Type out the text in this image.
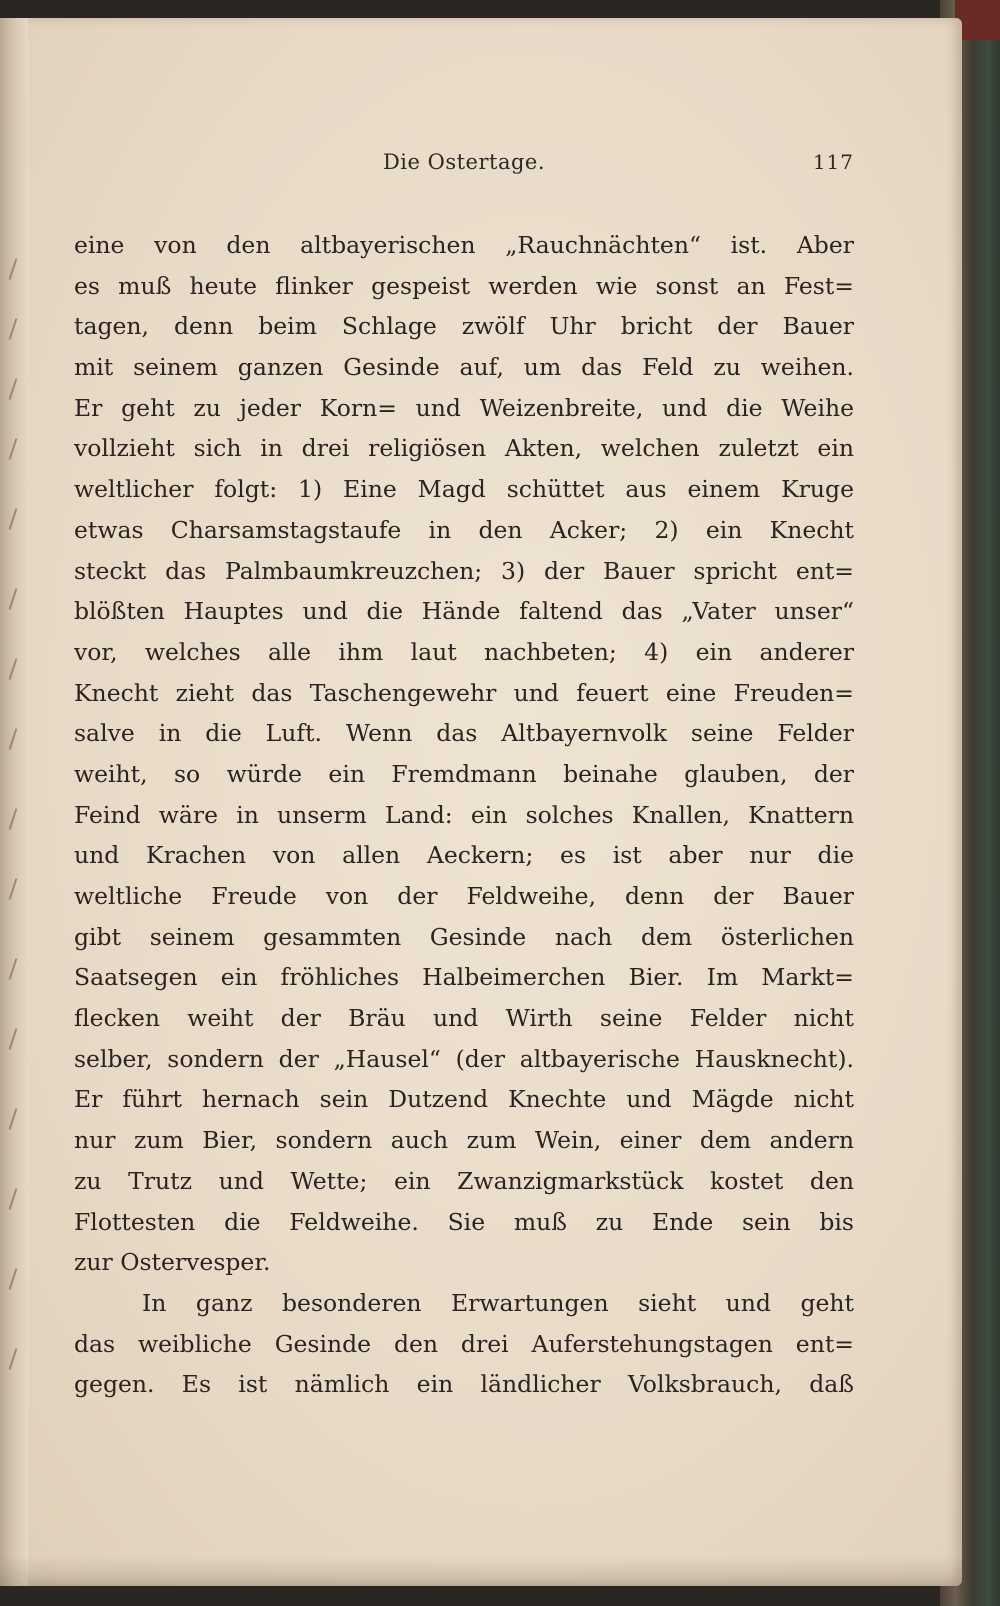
Die Ostertage.	117
eine von den altbayerischen „Rauchnächten“ ist. Aber
es muß heute flinker gespeist werden wie sonst an Fest=
tagen, denn beim Schlage zwölf Uhr bricht der Bauer
mit seinem ganzen Gesinde auf, um das Feld zu weihen.
Er geht zu jeder Korn= und Weizenbreite, und die Weihe
vollzieht sich in drei religiösen Akten, welchen zuletzt ein
weltlicher folgt: 1) Eine Magd schüttet aus einem Kruge
etwas Charsamstagstaufe in den Acker; 2) ein Knecht
steckt das Palmbaumkreuzchen; 3) der Bauer spricht ent=
blößten Hauptes und die Hände faltend das „Vater unser“
vor, welches alle ihm laut nachbeten; 4) ein anderer
Knecht zieht das Taschengewehr und feuert eine Freuden=
salve in die Luft. Wenn das Altbayernvolk seine Felder
weiht, so würde ein Fremdmann beinahe glauben, der
Feind wäre in unserm Land: ein solches Knallen, Knattern
und Krachen von allen Aeckern; es ist aber nur die
weltliche Freude von der Feldweihe, denn der Bauer
gibt seinem gesammten Gesinde nach dem österlichen
Saatsegen ein fröhliches Halbeimerchen Bier. Im Markt=
flecken weiht der Bräu und Wirth seine Felder nicht
selber, sondern der „Hausel“ (der altbayerische Hausknecht).
Er führt hernach sein Dutzend Knechte und Mägde nicht
nur zum Bier, sondern auch zum Wein, einer dem andern
zu Trutz und Wette; ein Zwanzigmarkstück kostet den
Flottesten die Feldweihe. Sie muß zu Ende sein bis
zur Ostervesper.
In ganz besonderen Erwartungen sieht und geht
das weibliche Gesinde den drei Auferstehungstagen ent=
gegen. Es ist nämlich ein ländlicher Volksbrauch, daß
